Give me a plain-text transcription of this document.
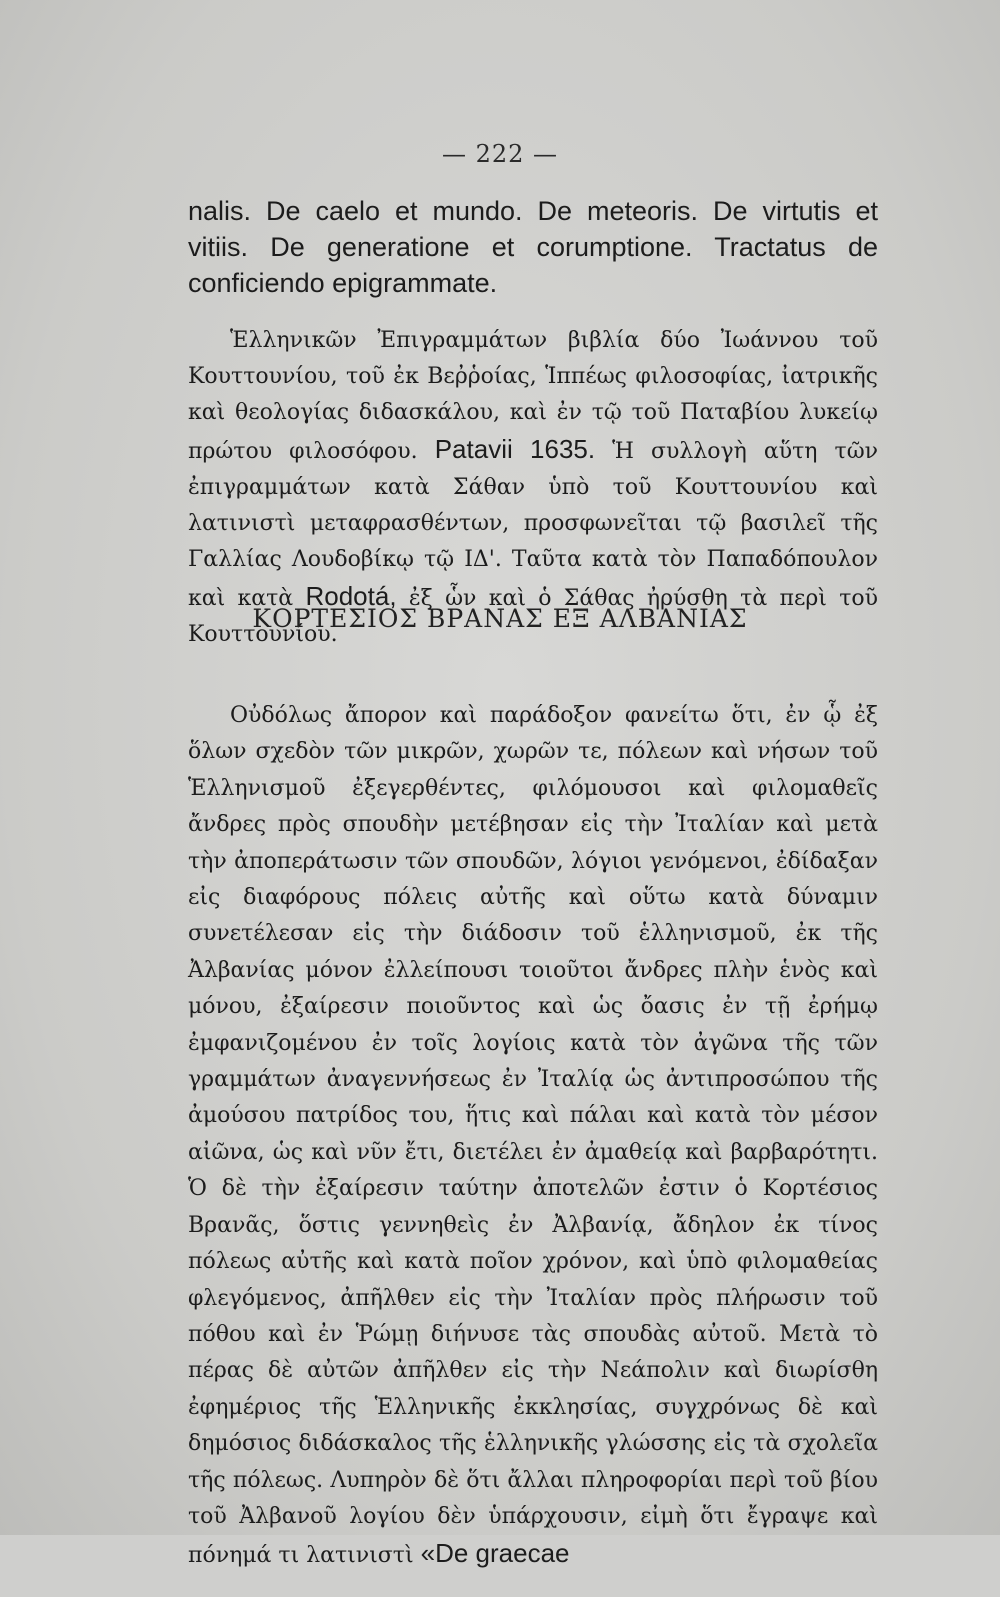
— 222 —

nalis. De caelo et mundo. De meteoris. De virtutis et vitiis. De generatione et corumptione. Tractatus de conficiendo epigrammate.

Ἑλληνικῶν Ἐπιγραμμάτων βιβλία δύο Ἰωάννου τοῦ Κουττουνίου, τοῦ ἐκ Βεῤῥοίας, Ἱππέως φιλοσοφίας, ἰατρικῆς καὶ θεολογίας διδασκάλου, καὶ ἐν τῷ τοῦ Παταβίου λυκείῳ πρώτου φιλοσόφου. Patavii 1635. Ἡ συλλογὴ αὕτη τῶν ἐπιγραμμάτων κατὰ Σάθαν ὑπὸ τοῦ Κουττουνίου καὶ λατινιστὶ μεταφρασθέντων, προσφωνεῖται τῷ βασιλεῖ τῆς Γαλλίας Λουδοβίκῳ τῷ ΙΔ'. Ταῦτα κατὰ τὸν Παπαδόπουλον καὶ κατὰ Rodotá, ἐξ ὧν καὶ ὁ Σάθας ἠρύσθη τὰ περὶ τοῦ Κουττουνίου.

ΚΟΡΤΕΣΙΟΣ ΒΡΑΝΑΣ ΕΞ ΑΛΒΑΝΙΑΣ

Οὐδόλως ἄπορον καὶ παράδοξον φανείτω ὅτι, ἐν ᾧ ἐξ ὅλων σχεδὸν τῶν μικρῶν, χωρῶν τε, πόλεων καὶ νήσων τοῦ Ἑλληνισμοῦ ἐξεγερθέντες, φιλόμουσοι καὶ φιλομαθεῖς ἄνδρες πρὸς σπουδὴν μετέβησαν εἰς τὴν Ἰταλίαν καὶ μετὰ τὴν ἀποπεράτωσιν τῶν σπουδῶν, λόγιοι γενόμενοι, ἐδίδαξαν εἰς διαφόρους πόλεις αὐτῆς καὶ οὕτω κατὰ δύναμιν συνετέλεσαν εἰς τὴν διάδοσιν τοῦ ἑλληνισμοῦ, ἐκ τῆς Ἀλβανίας μόνον ἐλλείπουσι τοιοῦτοι ἄνδρες πλὴν ἑνὸς καὶ μόνου, ἐξαίρεσιν ποιοῦντος καὶ ὡς ὄασις ἐν τῇ ἐρήμῳ ἐμφανιζομένου ἐν τοῖς λογίοις κατὰ τὸν ἀγῶνα τῆς τῶν γραμμάτων ἀναγεννήσεως ἐν Ἰταλίᾳ ὡς ἀντιπροσώπου τῆς ἀμούσου πατρίδος του, ἥτις καὶ πάλαι καὶ κατὰ τὸν μέσον αἰῶνα, ὡς καὶ νῦν ἔτι, διετέλει ἐν ἀμαθείᾳ καὶ βαρβαρότητι. Ὁ δὲ τὴν ἐξαίρεσιν ταύτην ἀποτελῶν ἐστιν ὁ Κορτέσιος Βρανᾶς, ὅστις γεννηθεὶς ἐν Ἀλβανίᾳ, ἄδηλον ἐκ τίνος πόλεως αὐτῆς καὶ κατὰ ποῖον χρόνον, καὶ ὑπὸ φιλομαθείας φλεγόμενος, ἀπῆλθεν εἰς τὴν Ἰταλίαν πρὸς πλήρωσιν τοῦ πόθου καὶ ἐν Ῥώμῃ διήνυσε τὰς σπουδὰς αὐτοῦ. Μετὰ τὸ πέρας δὲ αὐτῶν ἀπῆλθεν εἰς τὴν Νεάπολιν καὶ διωρίσθη ἐφημέριος τῆς Ἑλληνικῆς ἐκκλησίας, συγχρόνως δὲ καὶ δημόσιος διδάσκαλος τῆς ἑλληνικῆς γλώσσης εἰς τὰ σχολεῖα τῆς πόλεως. Λυπηρὸν δὲ ὅτι ἄλλαι πληροφορίαι περὶ τοῦ βίου τοῦ Ἀλβανοῦ λογίου δὲν ὑπάρχουσιν, εἰμὴ ὅτι ἔγραψε καὶ πόνημά τι λατινιστὶ «De graecae
